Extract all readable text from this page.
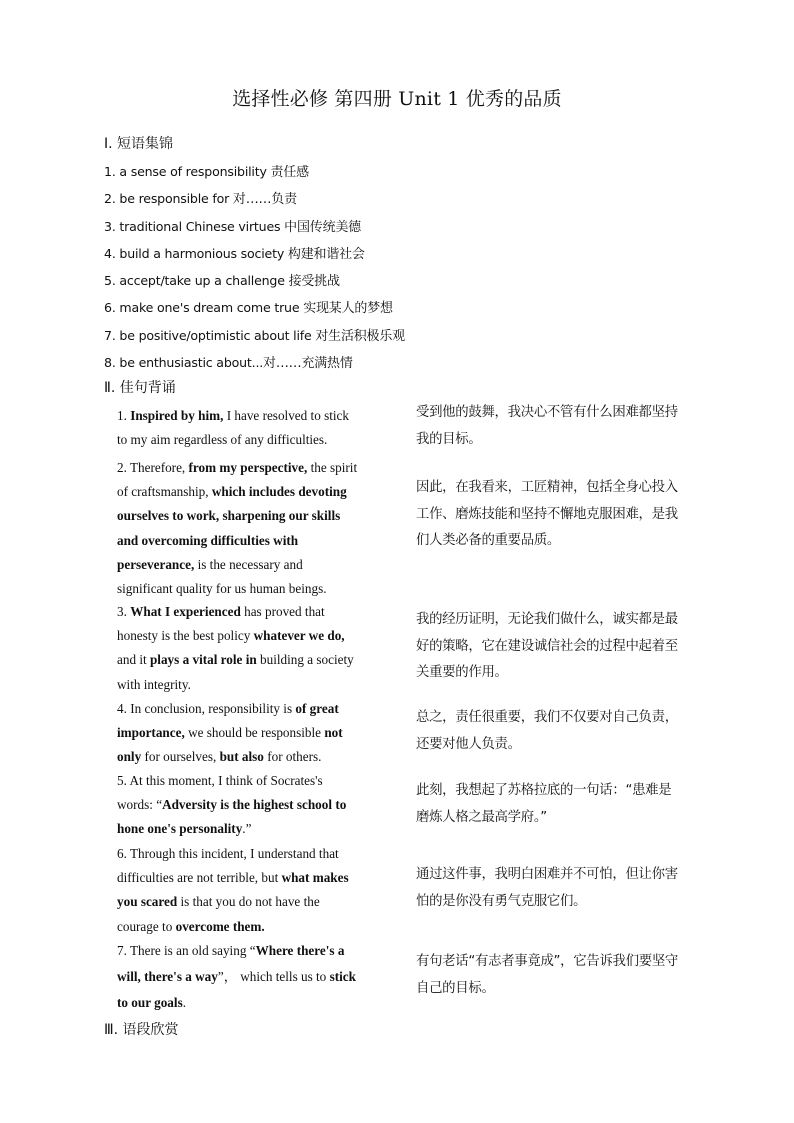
选择性必修 第四册 Unit 1 优秀的品质
Ⅰ. 短语集锦
1. a sense of responsibility 责任感
2. be responsible for 对……负责
3. traditional Chinese virtues 中国传统美德
4. build a harmonious society 构建和谐社会
5. accept/take up a challenge 接受挑战
6. make one's dream come true 实现某人的梦想
7. be positive/optimistic about life 对生活积极乐观
8. be enthusiastic about...对……充满热情
Ⅱ. 佳句背诵
1. Inspired by him, I have resolved to stick
to my aim regardless of any difficulties.
受到他的鼓舞，我决心不管有什么困难都坚持我的目标。
2. Therefore, from my perspective, the spirit
of craftsmanship, which includes devoting
ourselves to work, sharpening our skills
and overcoming difficulties with
perseverance, is the necessary and
significant quality for us human beings.
因此，在我看来，工匠精神，包括全身心投入工作、磨炼技能和坚持不懈地克服困难，是我们人类必备的重要品质。
3. What I experienced has proved that
honesty is the best policy whatever we do,
and it plays a vital role in building a society
with integrity.
我的经历证明，无论我们做什么，诚实都是最好的策略，它在建设诚信社会的过程中起着至关重要的作用。
4. In conclusion, responsibility is of great
importance, we should be responsible not
only for ourselves, but also for others.
总之，责任很重要，我们不仅要对自己负责，还要对他人负责。
5. At this moment, I think of Socrates's
words: “Adversity is the highest school to
hone one's personality.”
此刻，我想起了苏格拉底的一句话：“患难是磨炼人格之最高学府。”
6. Through this incident, I understand that
difficulties are not terrible, but what makes
you scared is that you do not have the
courage to overcome them.
通过这件事，我明白困难并不可怕，但让你害怕的是你没有勇气克服它们。
7. There is an old saying “Where there's a
will, there's a way”， which tells us to stick
to our goals.
有句老话“有志者事竟成”，它告诉我们要坚守自己的目标。
Ⅲ. 语段欣赏
